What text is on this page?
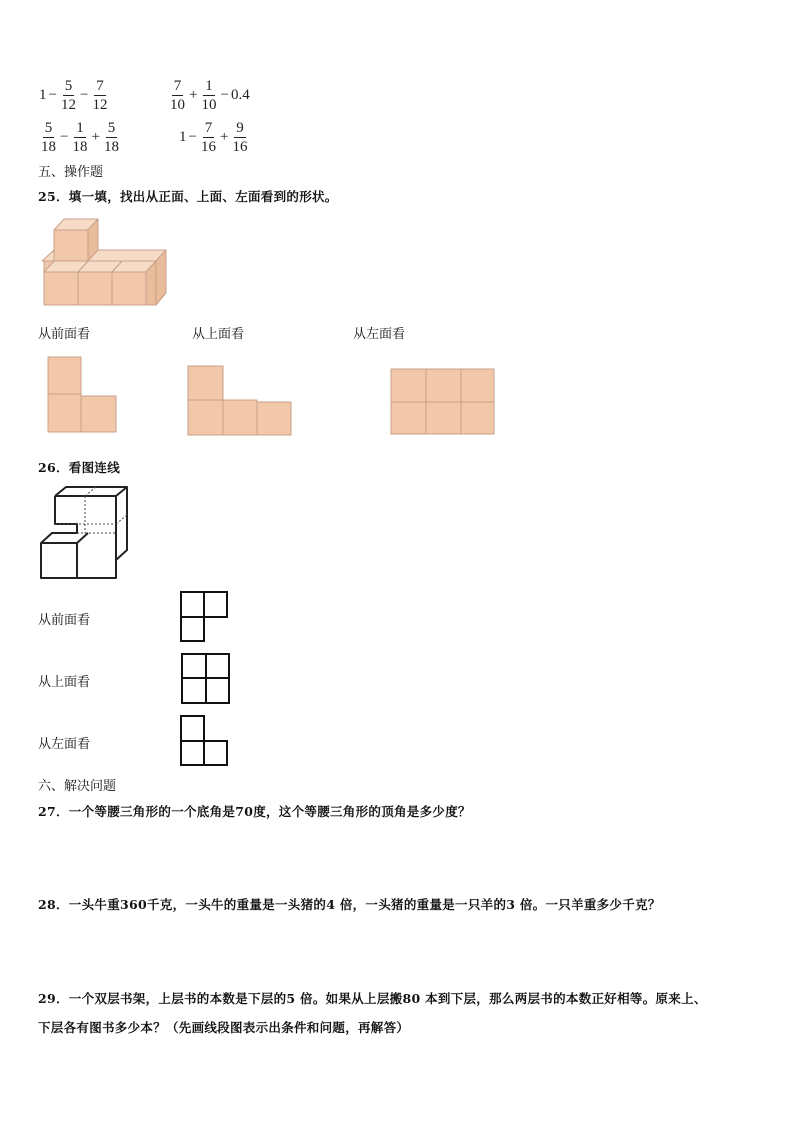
$1 - \frac{5}{12} - \frac{7}{12}$	$\frac{7}{10} + \frac{1}{10} - 0.4$
$\frac{5}{18} - \frac{1}{18} + \frac{5}{18}$	$1 - \frac{7}{16} + \frac{9}{16}$
五、操作题
25．填一填，找出从正面、上面、左面看到的形状。
从前面看	从上面看	从左面看
26．看图连线
从前面看
从上面看
从左面看
六、解决问题
27．一个等腰三角形的一个底角是70度，这个等腰三角形的顶角是多少度？
28．一头牛重360千克，一头牛的重量是一头猪的4 倍，一头猪的重量是一只羊的3 倍。一只羊重多少千克？
29．一个双层书架，上层书的本数是下层的5 倍。如果从上层搬80 本到下层，那么两层书的本数正好相等。原来上、
下层各有图书多少本？（先画线段图表示出条件和问题，再解答）
